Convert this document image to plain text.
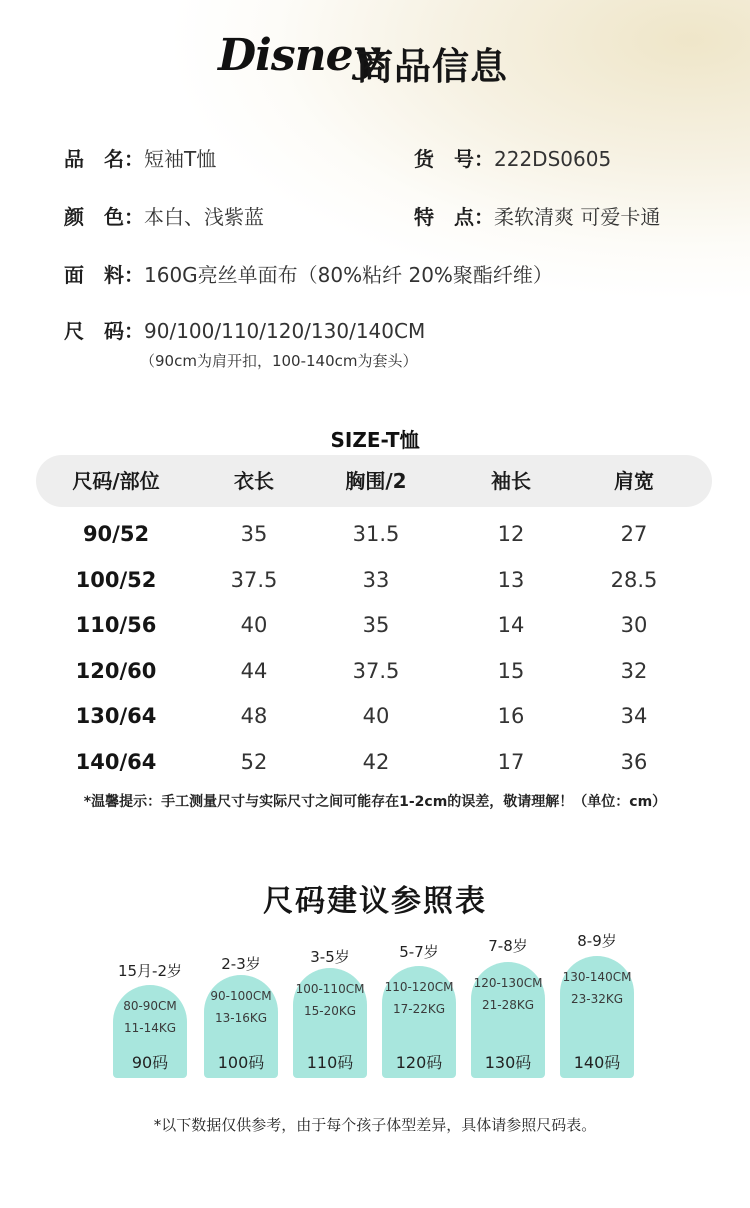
Disney
商品信息
品　名：短袖T恤	货　号：222DS0605
颜　色：本白、浅紫蓝	特　点：柔软清爽 可爱卡通
面　料：160G亮丝单面布（80%粘纤 20%聚酯纤维）
尺　码：90/100/110/120/130/140CM
（90cm为肩开扣，100-140cm为套头）
SIZE-T恤
尺码/部位	衣长	胸围/2	袖长	肩宽
90/52	35	31.5	12	27
100/52	37.5	33	13	28.5
110/56	40	35	14	30
120/60	44	37.5	15	32
130/64	48	40	16	34
140/64	52	42	17	36
*温馨提示：手工测量尺寸与实际尺寸之间可能存在1-2cm的误差，敬请理解！（单位：cm）
尺码建议参照表
15月-2岁
80-90CM
11-14KG
90码
2-3岁
90-100CM
13-16KG
100码
3-5岁
100-110CM
15-20KG
110码
5-7岁
110-120CM
17-22KG
120码
7-8岁
120-130CM
21-28KG
130码
8-9岁
130-140CM
23-32KG
140码
*以下数据仅供参考，由于每个孩子体型差异，具体请参照尺码表。
